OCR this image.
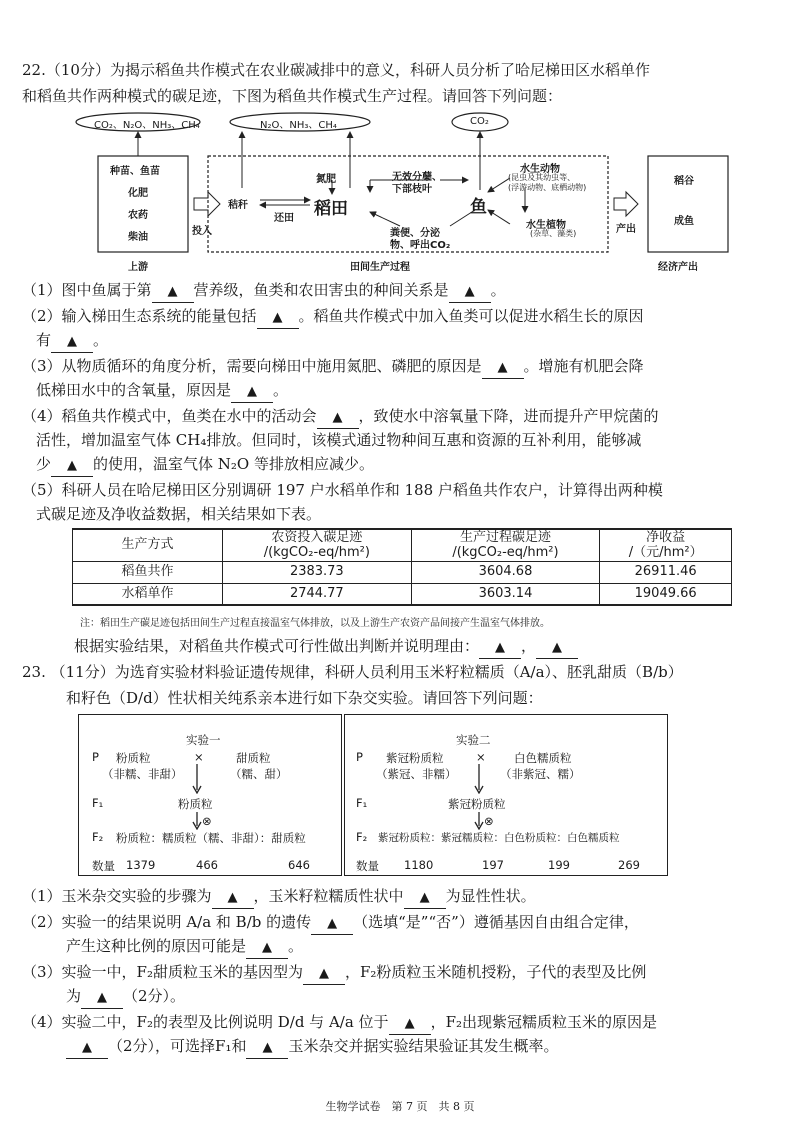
22.（10分）为揭示稻鱼共作模式在农业碳减排中的意义，科研人员分析了哈尼梯田区水稻单作
和稻鱼共作两种模式的碳足迹，下图为稻鱼共作模式生产过程。请回答下列问题：
CO₂、N₂O、NH₃、CH₄	N₂O、NH₃、CH₄	CO₂
种苗、鱼苗
化肥
农药
柴油
上游
投入
秸秆
还田
氮肥
稻田
无效分蘖、
下部枝叶
鱼
粪便、分泌
物、呼出CO₂
水生动物
(昆虫及其幼虫等、
(浮游动物、底栖动物)
水生植物
(杂草、藻类)
田间生产过程
产出
稻谷
成鱼
经济产出
（1）图中鱼属于第 ▲ 营养级，鱼类和农田害虫的种间关系是 ▲ 。
（2）输入梯田生态系统的能量包括 ▲ 。稻鱼共作模式中加入鱼类可以促进水稻生长的原因
有 ▲ 。
（3）从物质循环的角度分析，需要向梯田中施用氮肥、磷肥的原因是 ▲ 。增施有机肥会降
低梯田水中的含氧量，原因是 ▲ 。
（4）稻鱼共作模式中，鱼类在水中的活动会 ▲ ，致使水中溶氧量下降，进而提升产甲烷菌的
活性，增加温室气体 CH₄排放。但同时，该模式通过物种间互惠和资源的互补利用，能够减
少 ▲ 的使用，温室气体 N₂O 等排放相应减少。
（5）科研人员在哈尼梯田区分别调研 197 户水稻单作和 188 户稻鱼共作农户，计算得出两种模
式碳足迹及净收益数据，相关结果如下表。
生产方式	农资投入碳足迹	生产过程碳足迹	净收益
	/(kgCO₂-eq/hm²)	/(kgCO₂-eq/hm²)	/（元/hm²）
稻鱼共作	2383.73	3604.68	26911.46
水稻单作	2744.77	3603.14	19049.66
注：稻田生产碳足迹包括田间生产过程直接温室气体排放，以及上游生产农资产品间接产生温室气体排放。
根据实验结果，对稻鱼共作模式可行性做出判断并说明理由： ▲ ， ▲
23. （11分）为选育实验材料验证遗传规律，科研人员利用玉米籽粒糯质（A/a）、胚乳甜质（B/b）
和籽色（D/d）性状相关纯系亲本进行如下杂交实验。请回答下列问题：
实验一
P 粉质粒	×	甜质粒
（非糯、非甜）	（糯、甜）
F₁	粉质粒
⊗
F₂ 粉质粒：糯质粒（糯、非甜）：甜质粒
数量 1379	466	646
实验二
P 紫冠粉质粒	× 白色糯质粒
（紫冠、非糯）	（非紫冠、糯）
F₁	紫冠粉质粒
⊗
F₂ 紫冠粉质粒：紫冠糯质粒：白色粉质粒：白色糯质粒
数量 1180	197	199	269
（1）玉米杂交实验的步骤为 ▲ ，玉米籽粒糯质性状中 ▲ 为显性性状。
（2）实验一的结果说明 A/a 和 B/b 的遗传 ▲ （选填“是”“否”）遵循基因自由组合定律，
产生这种比例的原因可能是 ▲ 。
（3）实验一中，F₂甜质粒玉米的基因型为 ▲ ，F₂粉质粒玉米随机授粉，子代的表型及比例
为 ▲ （2分）。
（4）实验二中，F₂的表型及比例说明 D/d 与 A/a 位于 ▲ ，F₂出现紫冠糯质粒玉米的原因是
▲ （2分），可选择F₁和 ▲ 玉米杂交并据实验结果验证其发生概率。
生物学试卷　第 7 页　共 8 页
